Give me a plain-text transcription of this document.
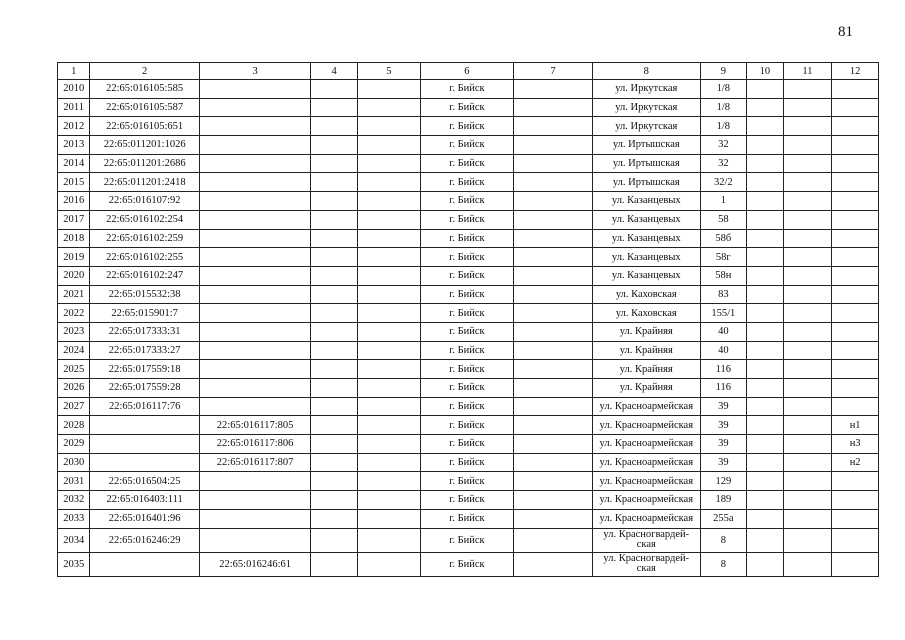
81
1	2	3	4	5	6	7	8	9	10	11	12
2010	22:65:016105:585				г. Бийск		ул. Иркутская	1/8			
2011	22:65:016105:587				г. Бийск		ул. Иркутская	1/8			
2012	22:65:016105:651				г. Бийск		ул. Иркутская	1/8			
2013	22:65:011201:1026				г. Бийск		ул. Иртышская	32			
2014	22:65:011201:2686				г. Бийск		ул. Иртышская	32			
2015	22:65:011201:2418				г. Бийск		ул. Иртышская	32/2			
2016	22:65:016107:92				г. Бийск		ул. Казанцевых	1			
2017	22:65:016102:254				г. Бийск		ул. Казанцевых	58			
2018	22:65:016102:259				г. Бийск		ул. Казанцевых	58б			
2019	22:65:016102:255				г. Бийск		ул. Казанцевых	58г			
2020	22:65:016102:247				г. Бийск		ул. Казанцевых	58н			
2021	22:65:015532:38				г. Бийск		ул. Каховская	83			
2022	22:65:015901:7				г. Бийск		ул. Каховская	155/1			
2023	22:65:017333:31				г. Бийск		ул. Крайняя	40			
2024	22:65:017333:27				г. Бийск		ул. Крайняя	40			
2025	22:65:017559:18				г. Бийск		ул. Крайняя	116			
2026	22:65:017559:28				г. Бийск		ул. Крайняя	116			
2027	22:65:016117:76				г. Бийск		ул. Красноармейская	39			
2028		22:65:016117:805			г. Бийск		ул. Красноармейская	39			н1
2029		22:65:016117:806			г. Бийск		ул. Красноармейская	39			н3
2030		22:65:016117:807			г. Бийск		ул. Красноармейская	39			н2
2031	22:65:016504:25				г. Бийск		ул. Красноармейская	129			
2032	22:65:016403:111				г. Бийск		ул. Красноармейская	189			
2033	22:65:016401:96				г. Бийск		ул. Красноармейская	255а			
2034	22:65:016246:29				г. Бийск		ул. Красногвардей-ская	8			
2035		22:65:016246:61			г. Бийск		ул. Красногвардей-ская	8			
